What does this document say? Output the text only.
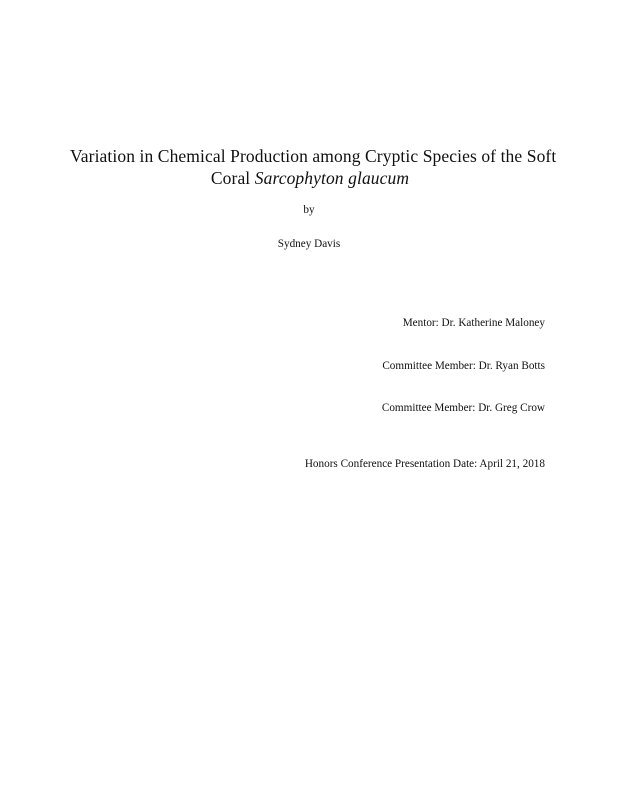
Variation in Chemical Production among Cryptic Species of the Soft
Coral Sarcophyton glaucum
by
Sydney Davis
Mentor: Dr. Katherine Maloney
Committee Member: Dr. Ryan Botts
Committee Member: Dr. Greg Crow
Honors Conference Presentation Date: April 21, 2018
